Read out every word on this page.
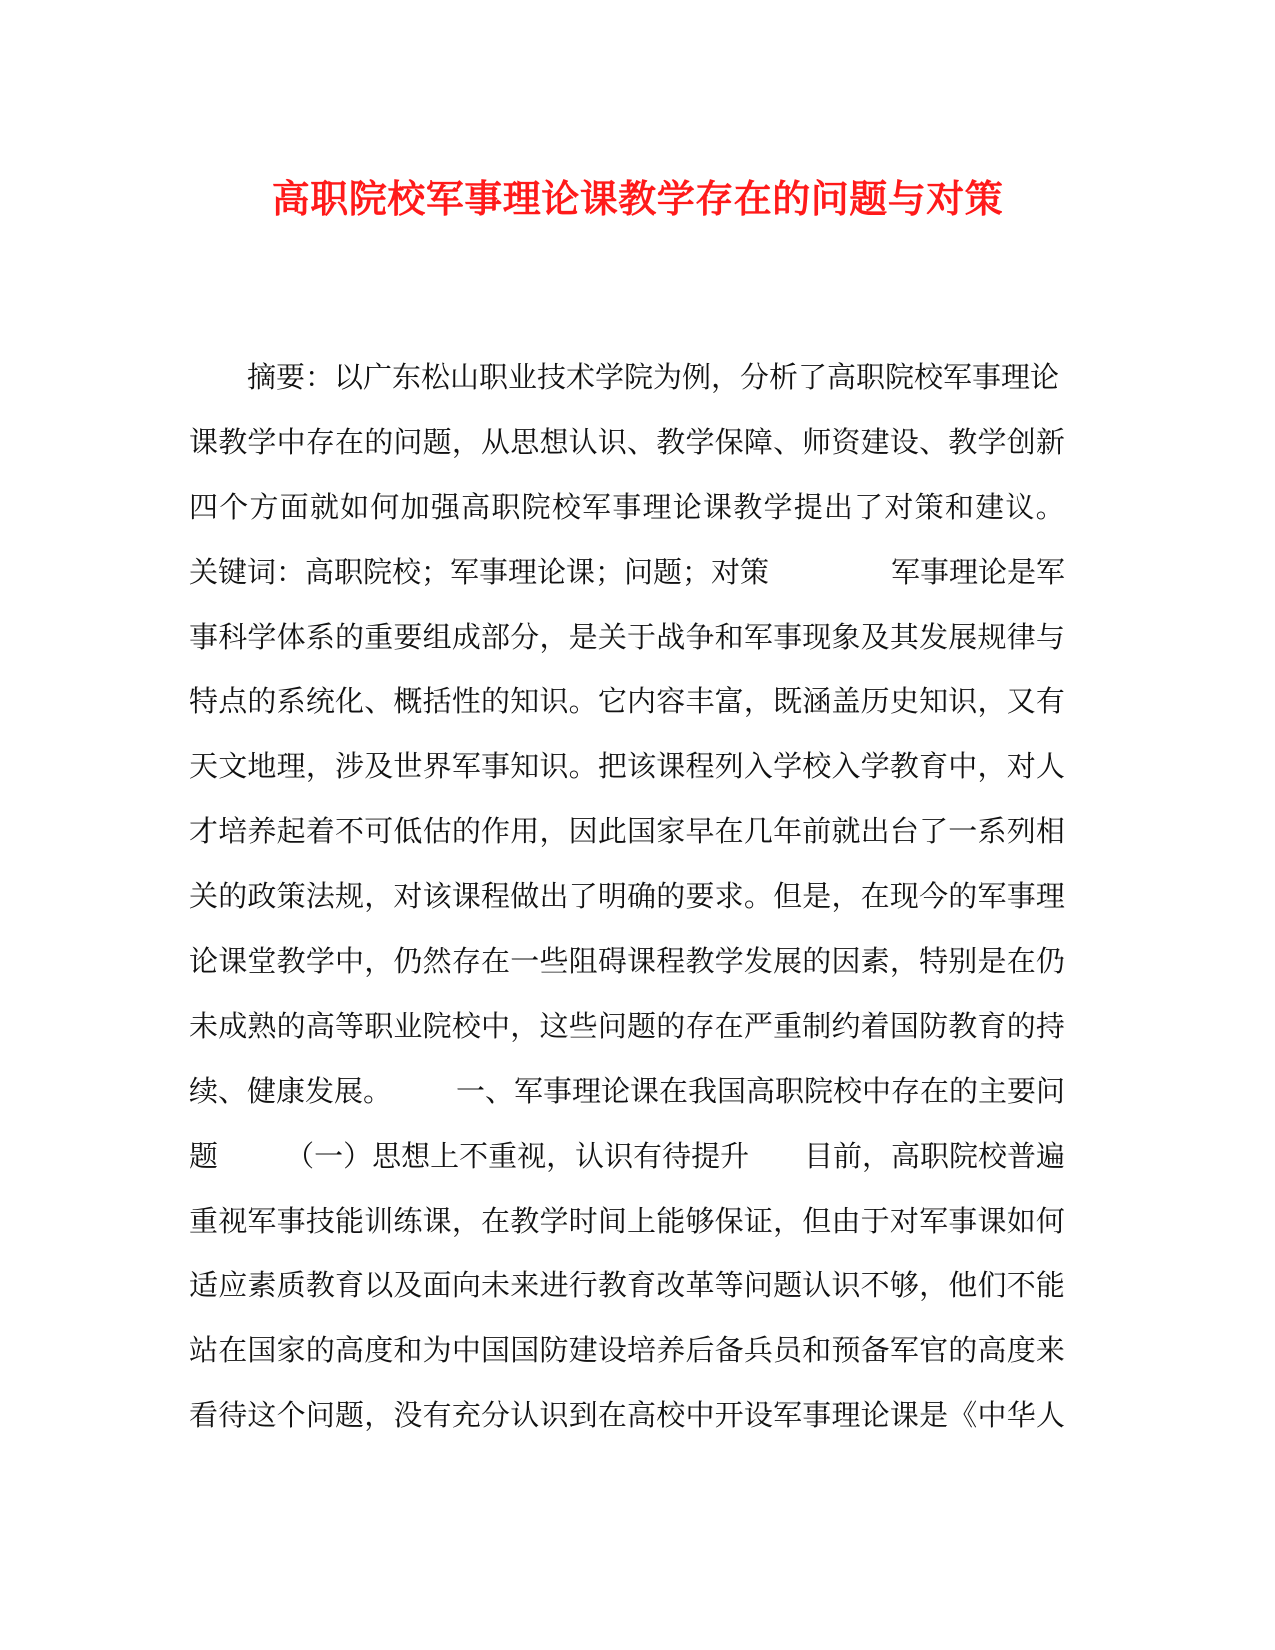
高职院校军事理论课教学存在的问题与对策
摘要：以广东松山职业技术学院为例，分析了高职院校军事理论
课 教 学 中 存 在 的 问 题 ， 从 思 想 认 识 、 教 学 保 障 、 师 资 建 设 、 教 学 创 新
四 个 方 面 就 如 何 加 强 高 职 院 校 军 事 理 论 课 教 学 提 出 了 对 策 和 建 议 。
关键词：高职院校；军事理论课；问题；对策	军事理论是军
事 科 学 体 系 的 重 要 组 成 部 分 ， 是 关 于 战 争 和 军 事 现 象 及 其 发 展 规 律 与
特 点 的 系 统 化 、 概 括 性 的 知 识 。 它 内 容 丰 富 ， 既 涵 盖 历 史 知 识 ， 又 有
天 文 地 理 ， 涉 及 世 界 军 事 知 识 。 把 该 课 程 列 入 学 校 入 学 教 育 中 ， 对 人
才 培 养 起 着 不 可 低 估 的 作 用 ， 因 此 国 家 早 在 几 年 前 就 出 台 了 一 系 列 相
关 的 政 策 法 规 ， 对 该 课 程 做 出 了 明 确 的 要 求 。 但 是 ， 在 现 今 的 军 事 理
论 课 堂 教 学 中 ， 仍 然 存 在 一 些 阻 碍 课 程 教 学 发 展 的 因 素 ， 特 别 是 在 仍
未 成 熟 的 高 等 职 业 院 校 中 ， 这 些 问 题 的 存 在 严 重 制 约 着 国 防 教 育 的 持
续、健康发展。 一、军事理论课在我国高职院校中存在的主要问
题 （一）思想上不重视，认识有待提升 目前，高职院校普遍
重 视 军 事 技 能 训 练 课 ， 在 教 学 时 间 上 能 够 保 证 ， 但 由 于 对 军 事 课 如 何
适 应 素 质 教 育 以 及 面 向 未 来 进 行 教 育 改 革 等 问 题 认 识 不 够 ， 他 们 不 能
站 在 国 家 的 高 度 和 为 中 国 国 防 建 设 培 养 后 备 兵 员 和 预 备 军 官 的 高 度 来
看 待 这 个 问 题 ， 没 有 充 分 认 识 到 在 高 校 中 开 设 军 事 理 论 课 是 《 中 华 人
